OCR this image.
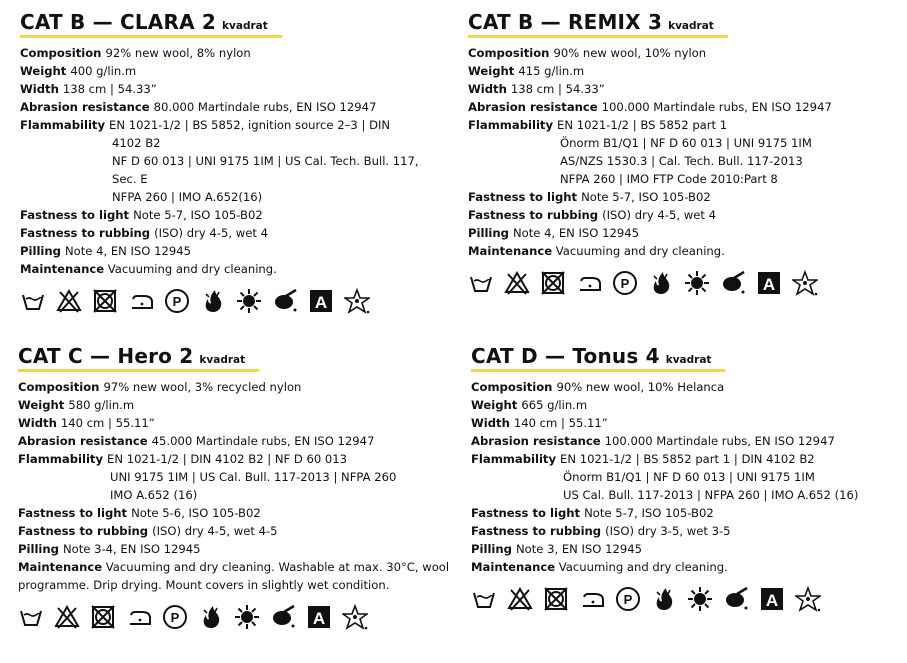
CAT B — CLARA 2 kvadrat
Composition 92% new wool, 8% nylon
Weight 400 g/lin.m
Width 138 cm | 54.33”
Abrasion resistance 80.000 Martindale rubs, EN ISO 12947
Flammability EN 1021-1/2 | BS 5852, ignition source 2–3 | DIN
4102 B2
NF D 60 013 | UNI 9175 1IM | US Cal. Tech. Bull. 117,
Sec. E
NFPA 260 | IMO A.652(16)
Fastness to light Note 5-7, ISO 105-B02
Fastness to rubbing (ISO) dry 4-5, wet 4
Pilling Note 4, EN ISO 12945
Maintenance Vacuuming and dry cleaning.
P	A
CAT B — REMIX 3 kvadrat
Composition 90% new wool, 10% nylon
Weight 415 g/lin.m
Width 138 cm | 54.33”
Abrasion resistance 100.000 Martindale rubs, EN ISO 12947
Flammability EN 1021-1/2 | BS 5852 part 1
Önorm B1/Q1 | NF D 60 013 | UNI 9175 1IM
AS/NZS 1530.3 | Cal. Tech. Bull. 117-2013
NFPA 260 | IMO FTP Code 2010:Part 8
Fastness to light Note 5-7, ISO 105-B02
Fastness to rubbing (ISO) dry 4-5, wet 4
Pilling Note 4, EN ISO 12945
Maintenance Vacuuming and dry cleaning.
P	A
CAT C — Hero 2 kvadrat
Composition 97% new wool, 3% recycled nylon
Weight 580 g/lin.m
Width 140 cm | 55.11”
Abrasion resistance 45.000 Martindale rubs, EN ISO 12947
Flammability EN 1021-1/2 | DIN 4102 B2 | NF D 60 013
UNI 9175 1IM | US Cal. Bull. 117-2013 | NFPA 260
IMO A.652 (16)
Fastness to light Note 5-6, ISO 105-B02
Fastness to rubbing (ISO) dry 4-5, wet 4-5
Pilling Note 3-4, EN ISO 12945
Maintenance Vacuuming and dry cleaning. Washable at max. 30°C, wool programme. Drip drying. Mount covers in slightly wet condition.
P	A
CAT D — Tonus 4 kvadrat
Composition 90% new wool, 10% Helanca
Weight 665 g/lin.m
Width 140 cm | 55.11”
Abrasion resistance 100.000 Martindale rubs, EN ISO 12947
Flammability EN 1021-1/2 | BS 5852 part 1 | DIN 4102 B2
Önorm B1/Q1 | NF D 60 013 | UNI 9175 1IM
US Cal. Bull. 117-2013 | NFPA 260 | IMO A.652 (16)
Fastness to light Note 5-7, ISO 105-B02
Fastness to rubbing (ISO) dry 3-5, wet 3-5
Pilling Note 3, EN ISO 12945
Maintenance Vacuuming and dry cleaning.
P	A
